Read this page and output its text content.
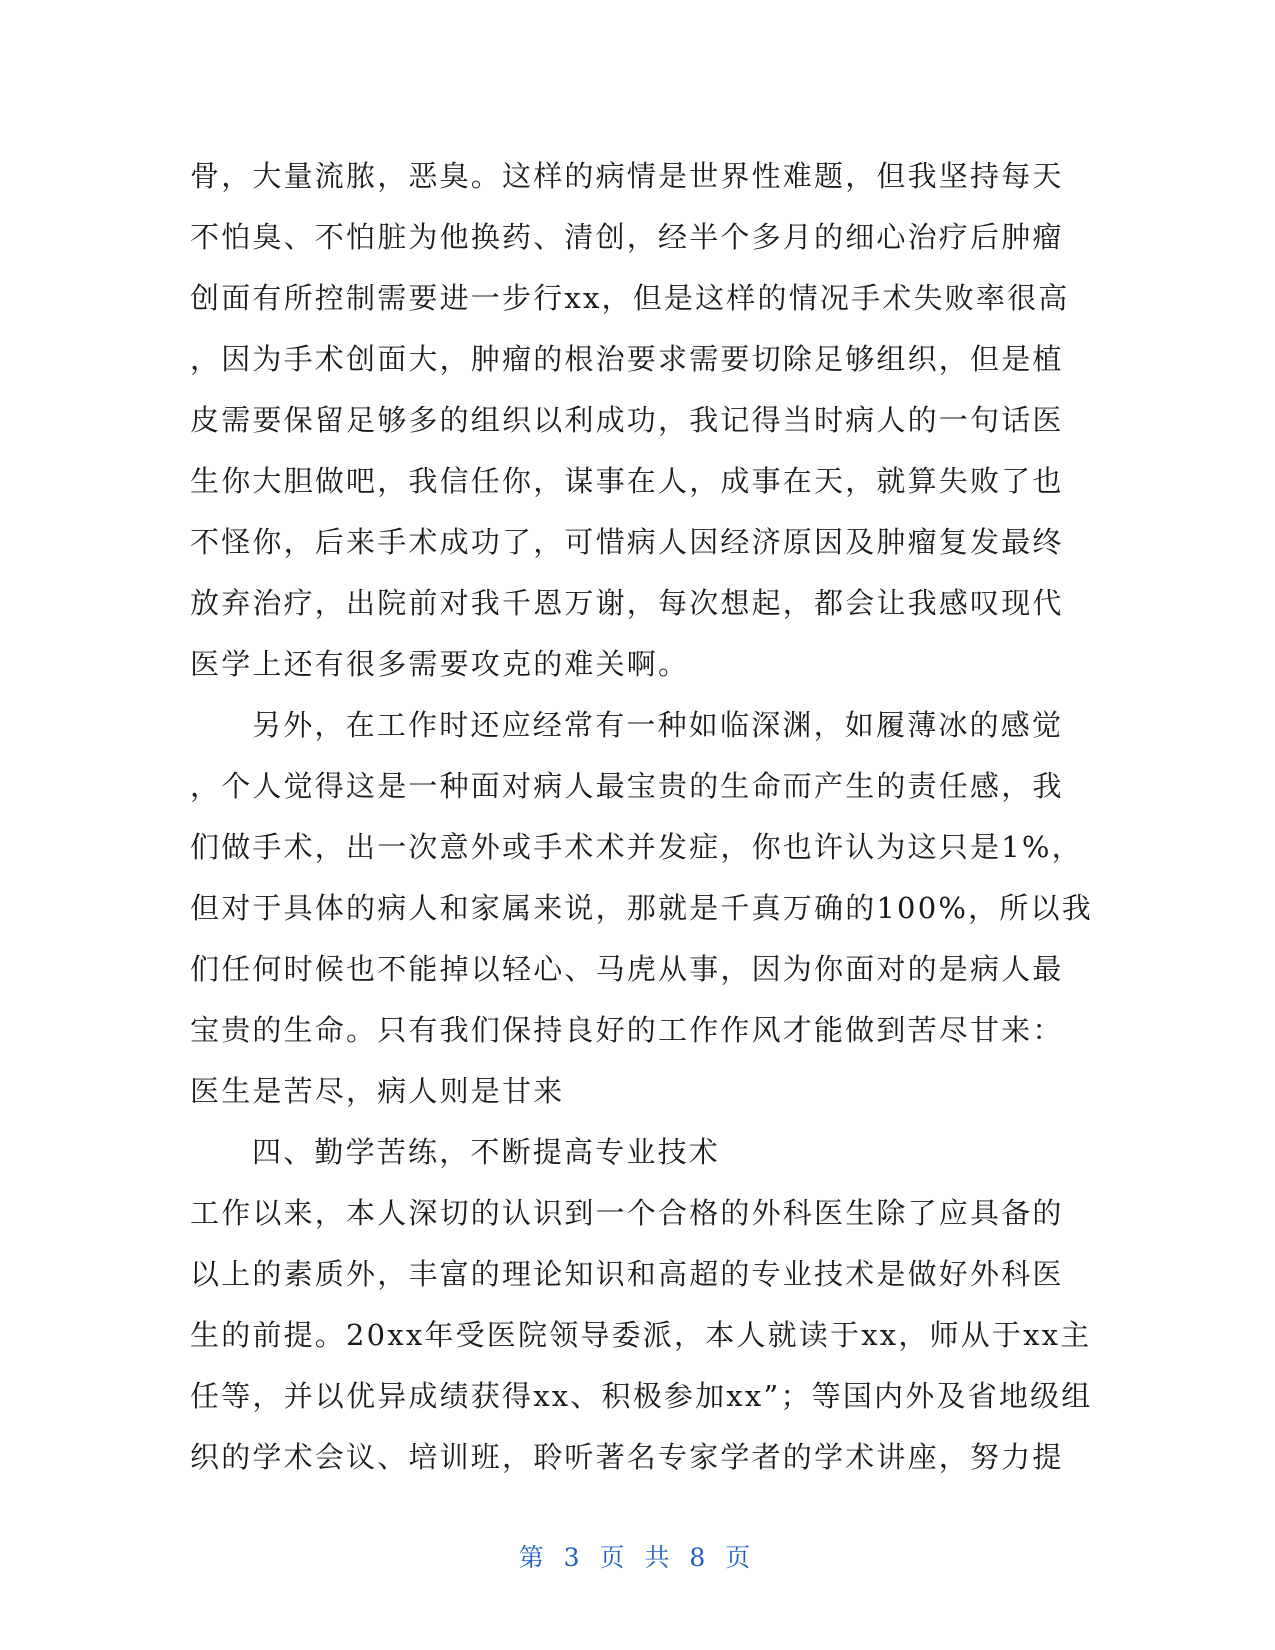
骨，大量流脓，恶臭。这样的病情是世界性难题，但我坚持每天
不怕臭、不怕脏为他换药、清创，经半个多月的细心治疗后肿瘤
创面有所控制需要进一步行xx，但是这样的情况手术失败率很高
，因为手术创面大，肿瘤的根治要求需要切除足够组织，但是植
皮需要保留足够多的组织以利成功，我记得当时病人的一句话医
生你大胆做吧，我信任你，谋事在人，成事在天，就算失败了也
不怪你，后来手术成功了，可惜病人因经济原因及肿瘤复发最终
放弃治疗，出院前对我千恩万谢，每次想起，都会让我感叹现代
医学上还有很多需要攻克的难关啊。
另外，在工作时还应经常有一种如临深渊，如履薄冰的感觉
，个人觉得这是一种面对病人最宝贵的生命而产生的责任感，我
们做手术，出一次意外或手术术并发症，你也许认为这只是1%，
但对于具体的病人和家属来说，那就是千真万确的100%，所以我
们任何时候也不能掉以轻心、马虎从事，因为你面对的是病人最
宝贵的生命。只有我们保持良好的工作作风才能做到苦尽甘来：
医生是苦尽，病人则是甘来
四、勤学苦练，不断提高专业技术
工作以来，本人深切的认识到一个合格的外科医生除了应具备的
以上的素质外，丰富的理论知识和高超的专业技术是做好外科医
生的前提。20xx年受医院领导委派，本人就读于xx，师从于xx主
任等，并以优异成绩获得xx、积极参加xx”；等国内外及省地级组
织的学术会议、培训班，聆听著名专家学者的学术讲座，努力提
第 3 页 共 8 页
